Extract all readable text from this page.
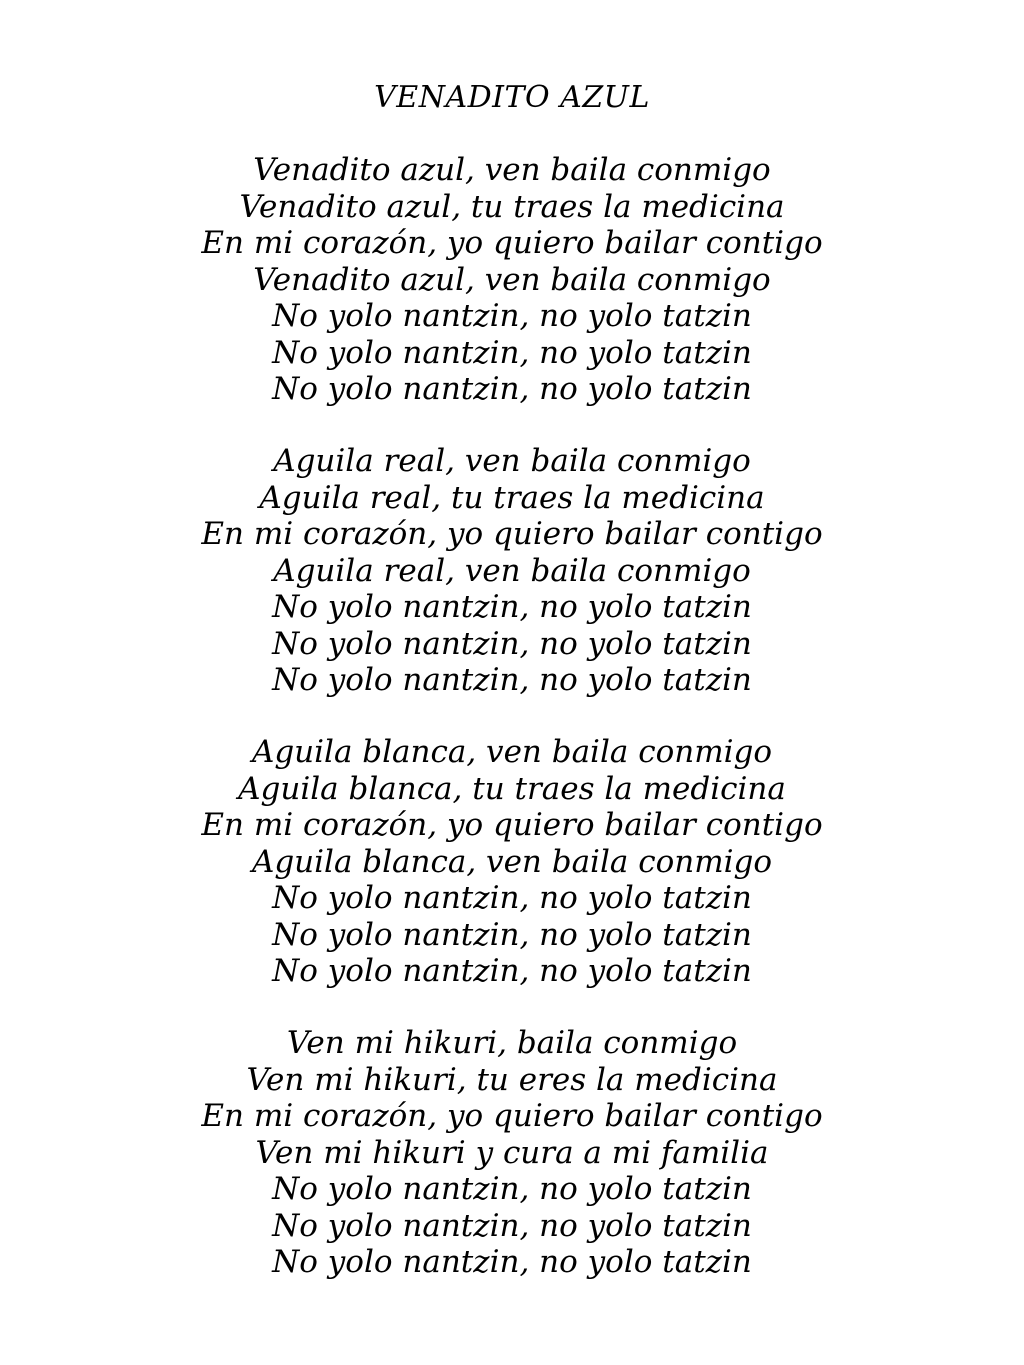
VENADITO AZUL
Venadito azul, ven baila conmigo
Venadito azul, tu traes la medicina
En mi corazón, yo quiero bailar contigo
Venadito azul, ven baila conmigo
No yolo nantzin, no yolo tatzin
No yolo nantzin, no yolo tatzin
No yolo nantzin, no yolo tatzin
Aguila real, ven baila conmigo
Aguila real, tu traes la medicina
En mi corazón, yo quiero bailar contigo
Aguila real, ven baila conmigo
No yolo nantzin, no yolo tatzin
No yolo nantzin, no yolo tatzin
No yolo nantzin, no yolo tatzin
Aguila blanca, ven baila conmigo
Aguila blanca, tu traes la medicina
En mi corazón, yo quiero bailar contigo
Aguila blanca, ven baila conmigo
No yolo nantzin, no yolo tatzin
No yolo nantzin, no yolo tatzin
No yolo nantzin, no yolo tatzin
Ven mi hikuri, baila conmigo
Ven mi hikuri, tu eres la medicina
En mi corazón, yo quiero bailar contigo
Ven mi hikuri y cura a mi familia
No yolo nantzin, no yolo tatzin
No yolo nantzin, no yolo tatzin
No yolo nantzin, no yolo tatzin
